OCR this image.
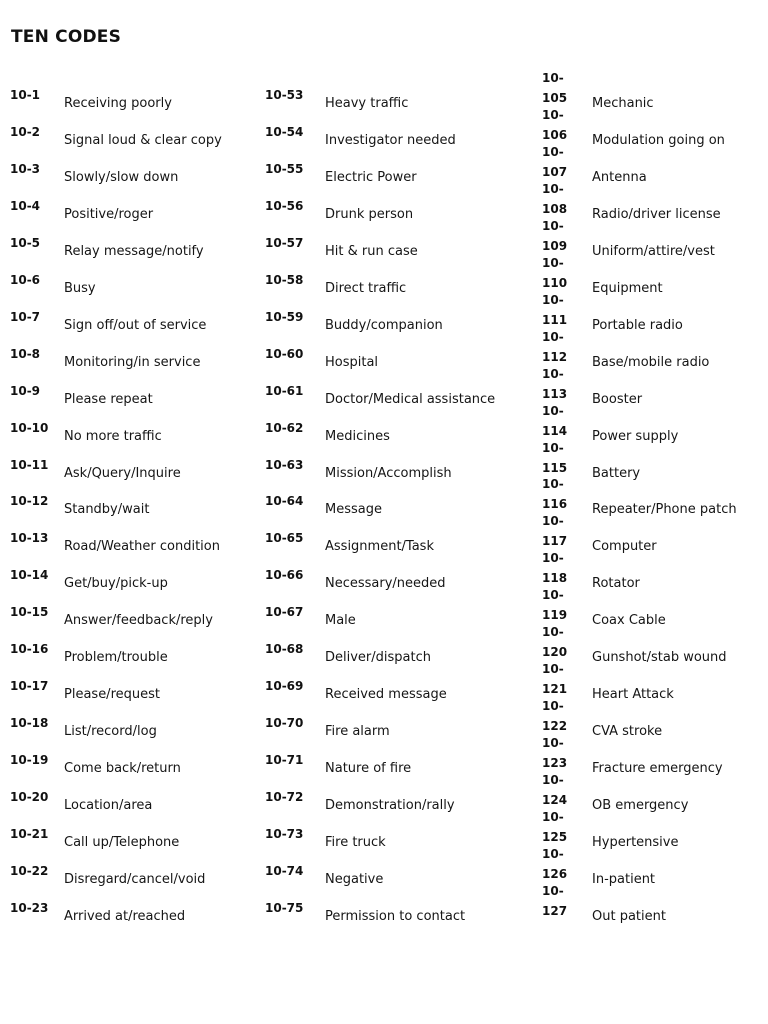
TEN CODES
10-1
Receiving poorly
10-2
Signal loud & clear copy
10-3
Slowly/slow down
10-4
Positive/roger
10-5
Relay message/notify
10-6
Busy
10-7
Sign off/out of service
10-8
Monitoring/in service
10-9
Please repeat
10-10
No more traffic
10-11
Ask/Query/Inquire
10-12
Standby/wait
10-13
Road/Weather condition
10-14
Get/buy/pick-up
10-15
Answer/feedback/reply
10-16
Problem/trouble
10-17
Please/request
10-18
List/record/log
10-19
Come back/return
10-20
Location/area
10-21
Call up/Telephone
10-22
Disregard/cancel/void
10-23
Arrived at/reached
10-53
Heavy traffic
10-54
Investigator needed
10-55
Electric Power
10-56
Drunk person
10-57
Hit & run case
10-58
Direct traffic
10-59
Buddy/companion
10-60
Hospital
10-61
Doctor/Medical assistance
10-62
Medicines
10-63
Mission/Accomplish
10-64
Message
10-65
Assignment/Task
10-66
Necessary/needed
10-67
Male
10-68
Deliver/dispatch
10-69
Received message
10-70
Fire alarm
10-71
Nature of fire
10-72
Demonstration/rally
10-73
Fire truck
10-74
Negative
10-75
Permission to contact
10-
105 Mechanic
10-
106 Modulation going on
10-
107 Antenna
10-
108 Radio/driver license
10-
109 Uniform/attire/vest
10-
110 Equipment
10-
111 Portable radio
10-
112 Base/mobile radio
10-
113 Booster
10-
114 Power supply
10-
115 Battery
10-
116 Repeater/Phone patch
10-
117 Computer
10-
118 Rotator
10-
119 Coax Cable
10-
120 Gunshot/stab wound
10-
121 Heart Attack
10-
122 CVA stroke
10-
123 Fracture emergency
10-
124 OB emergency
10-
125 Hypertensive
10-
126 In-patient
10-
127 Out patient
